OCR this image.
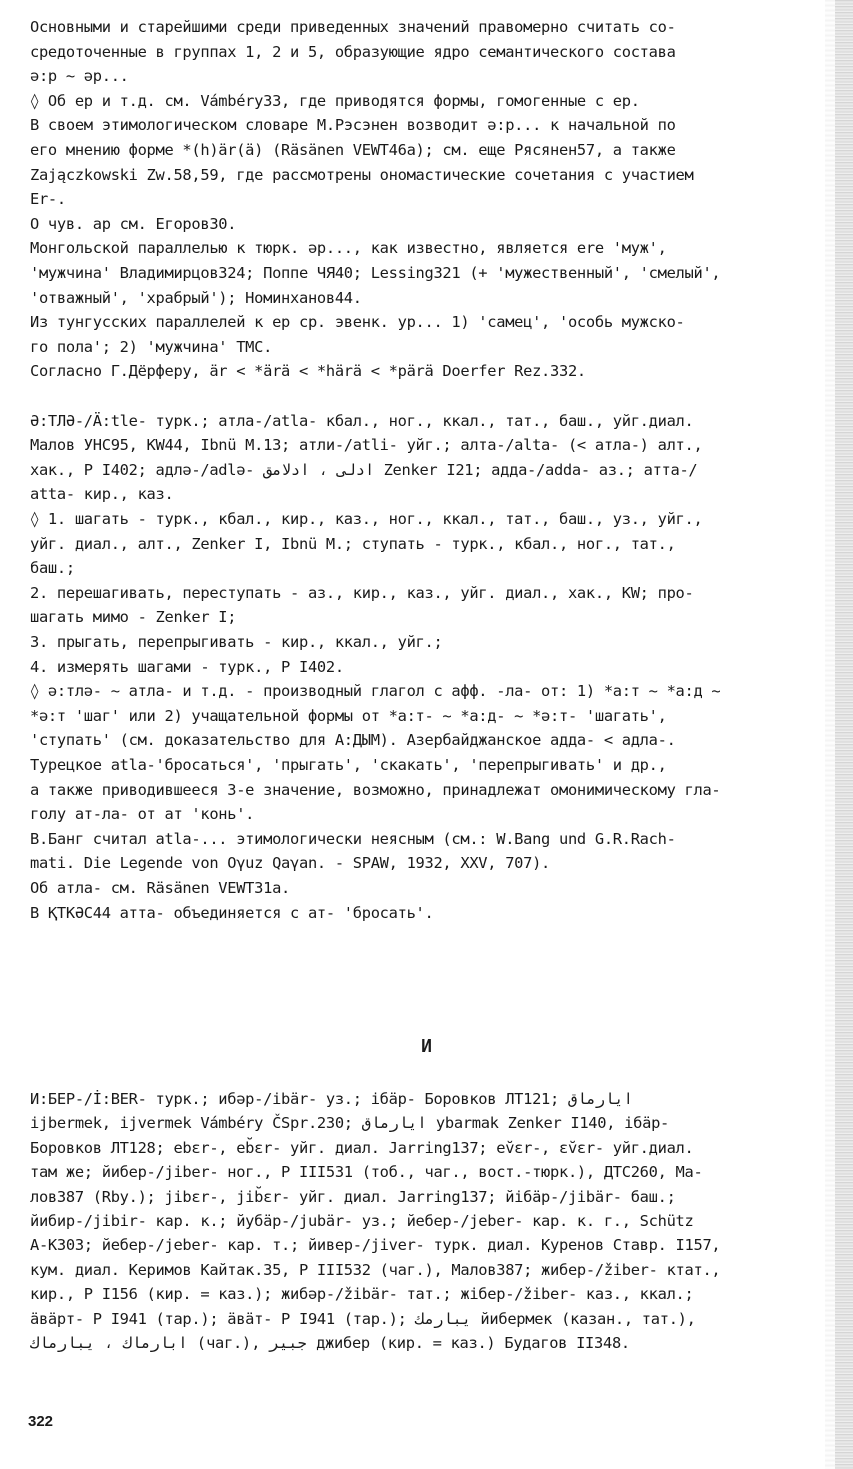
Основными и старейшими среди приведенных значений правомерно считать со-
средоточенные в группах 1, 2 и 5, образующие ядро семантического состава
ә:р ~ әр...
◊ Об ер и т.д. см. Vámbéry33, где приводятся формы, гомогенные с ер.
В своем этимологическом словаре М.Рэсэнен возводит ә:р... к начальной по
его мнению форме *(h)ӓr(ӓ) (Räsänen VEWT46a); см. еще Рясянен57, а также
Zajączkowski Zw.58,59, где рассмотрены ономастические сочетания с участием
Er-.
О чув. ар см. Егоров30.
Монгольской параллелью к тюрк. әр..., как известно, является ere 'муж',
'мужчина' Владимирцов324; Поппе ЧЯ40; Lessing321 (+ 'мужественный', 'смелый',
'отважный', 'храбрый'); Номинханов44.
Из тунгусских параллелей к ер ср. эвенк. ур... 1) 'самец', 'особь мужско-
го пола'; 2) 'мужчина' ТМС.
Согласно Г.Дёрферу, ӓr < *ӓrӓ < *hӓrӓ < *pӓrӓ Doerfer Rez.332.
Ә:ТЛӘ-/Ӓ:tle- турк.; атла-/atla- кбал., ног., ккал., тат., баш., уйг.диал.
Малов УНС95, KW44, Ibnü M.13; атли-/atli- уйг.; алта-/alta- (< атла-) алт.,
хак., Р I402; адлә-/adlә- ادلى ، ادلامق Zenker I21; адда-/adda- аз.; атта-/
atta- кир., каз.
◊ 1. шагать - турк., кбал., кир., каз., ног., ккал., тат., баш., уз., уйг.,
уйг. диал., алт., Zenker I, Ibnü M.; ступать - турк., кбал., ног., тат.,
баш.;
2. перешагивать, переступать - аз., кир., каз., уйг. диал., хак., KW; про-
шагать мимо - Zenker I;
3. прыгать, перепрыгивать - кир., ккал., уйг.;
4. измерять шагами - турк., Р I402.
◊ ә:тлә- ~ атла- и т.д. - производный глагол с афф. -ла- от: 1) *а:т ~ *а:д ~
*ә:т 'шаг' или 2) учащательной формы от *а:т- ~ *а:д- ~ *ә:т- 'шагать',
'ступать' (см. доказательство для А:ДЫМ). Азербайджанское адда- < адла-.
Турецкое atla-'бросаться', 'прыгать', 'скакать', 'перепрыгивать' и др.,
а также приводившееся 3-е значение, возможно, принадлежат омонимическому гла-
голу ат-ла- от ат 'конь'.
В.Банг считал atla-... этимологически неясным (см.: W.Bang und G.R.Rach-
mati. Die Legende von Oγuz Qaγan. - SPAW, 1932, XXV, 707).
Об атла- см. Räsänen VEWT31a.
В ҚТКӘС44 атта- объединяется с ат- 'бросать'.
И
И:БЕР-/İ:BER- турк.; ибәр-/ibӓr- уз.; iбӓр- Боровков ЛТ121; ايارماق
ijbermek, ijvermek Vámbéry ČSpr.230; ايارماق ybarmak Zenker I140, iбӓр-
Боровков ЛТ128; ebεr-, eb̆εr- уйг. диал. Jarring137; ev̆εr-, εv̆εr- уйг.диал.
там же; йибер-/jiber- ног., Р III531 (тоб., чаг., вост.-тюрк.), ДТС260, Ма-
лов387 (Rby.); jibεr-, jib̆εr- уйг. диал. Jarring137; йiбӓр-/jibӓr- баш.;
йибир-/jibir- кар. к.; йубӓр-/jubӓr- уз.; йебер-/jeber- кар. к. г., Schütz
A-K303; йебер-/jeber- кар. т.; йивер-/jiver- турк. диал. Куренов Ставр. I157,
кум. диал. Керимов Кайтак.35, Р III532 (чаг.), Малов387; жибер-/žiber- ктат.,
кир., Р I156 (кир. = каз.); жибәр-/žibӓr- тат.; жiбер-/žiber- каз., ккал.;
ӓвӓрт- Р I941 (тар.); ӓвӓт- Р I941 (тар.); يبارمك йибермек (казан., тат.),
ابارماك ، يبارماك (чаг.), جبير джибер (кир. = каз.) Будагов II348.
322
